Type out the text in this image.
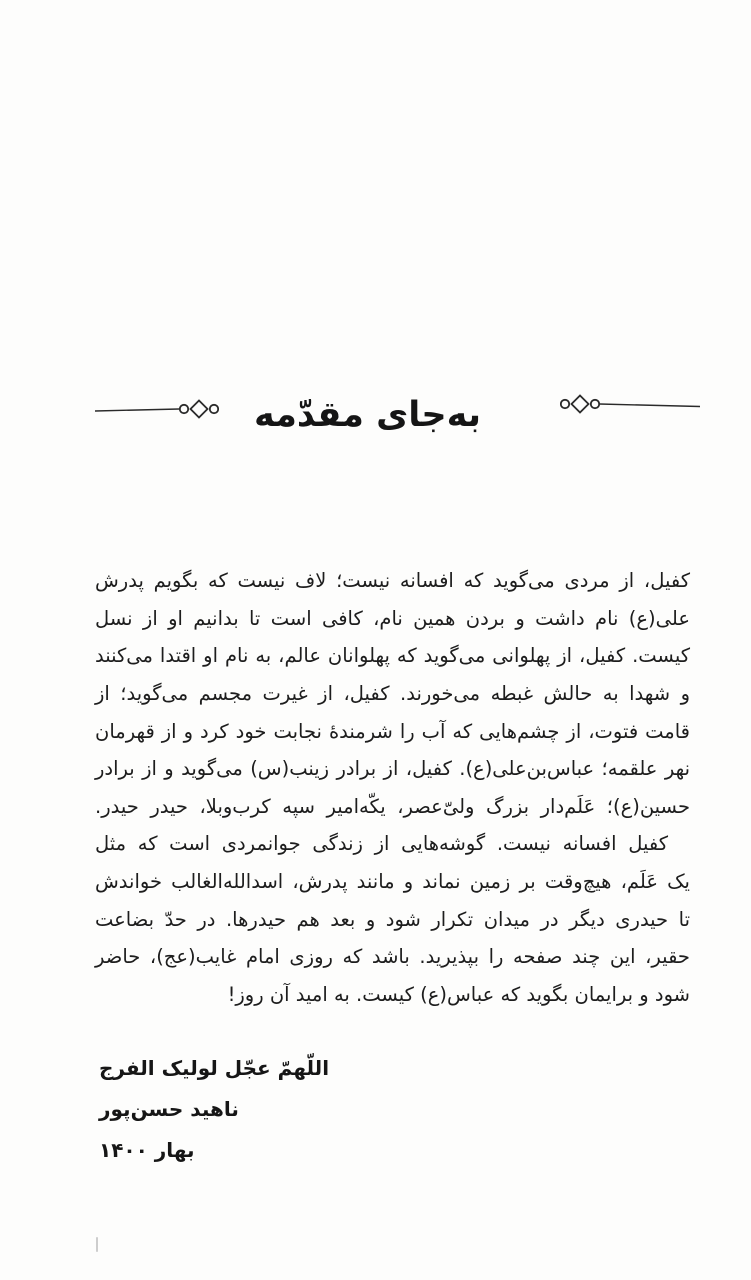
به‌جای مقدّمه
کفیل، از مردی می‌گوید که افسانه نیست؛ لاف نیست که بگویم پدرش
علی(ع) نام داشت و بردن همین نام، کافی است تا بدانیم او از نسل
کیست. کفیل، از پهلوانی می‌گوید که پهلوانان عالم، به نام او اقتدا می‌کنند
و شهدا به حالش غبطه می‌خورند. کفیل، از غیرت مجسم می‌گوید؛ از
قامت فتوت، از چشم‌هایی که آب را شرمندهٔ نجابت خود کرد و از قهرمان
نهر علقمه؛ عباس‌بن‌علی(ع). کفیل، از برادر زینب(س) می‌گوید و از برادر
حسین(ع)؛ عَلَم‌دار بزرگ ولیّ‌عصر، یکّه‌امیر سپه کرب‌وبلا، حیدر حیدر.
کفیل افسانه نیست. گوشه‌هایی از زندگی جوانمردی است که مثل
یک عَلَم، هیچ‌وقت بر زمین نماند و مانند پدرش، اسدالله‌الغالب خواندش
تا حیدری دیگر در میدان تکرار شود و بعد هم حیدرها. در حدّ بضاعت
حقیر، این چند صفحه را بپذیرید. باشد که روزی امام غایب(عج)، حاضر
شود و برایمان بگوید که عباس(ع) کیست. به امید آن روز!
اللّهمّ عجّل لولیک الفرج
ناهید حسن‌پور
بهار ۱۴۰۰
